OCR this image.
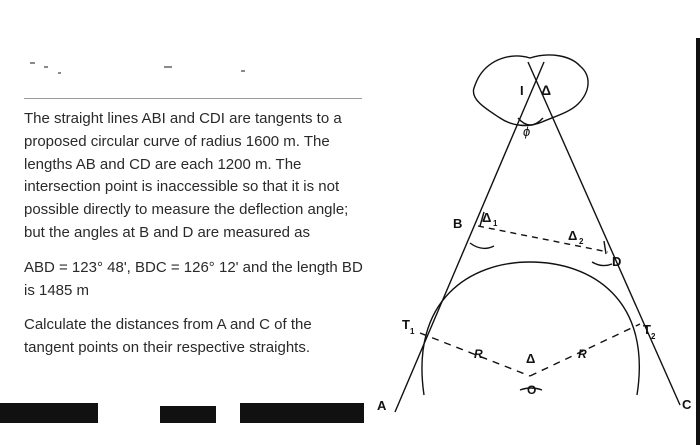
The straight lines ABI and CDI are tangents to a proposed circular curve of radius 1600 m. The lengths AB and CD are each 1200 m. The intersection point is inaccessible so that it is not possible directly to measure the deflection angle; but the angles at B and D are measured as

ABD = 123° 48', BDC = 126° 12' and the length BD is 1485 m

Calculate the distances from A and C of the tangent points on their respective straights.

I Δ
ϕ
B Δ 1
Δ 2
D
T 1	T 2
R	R
Δ
O
A	C
